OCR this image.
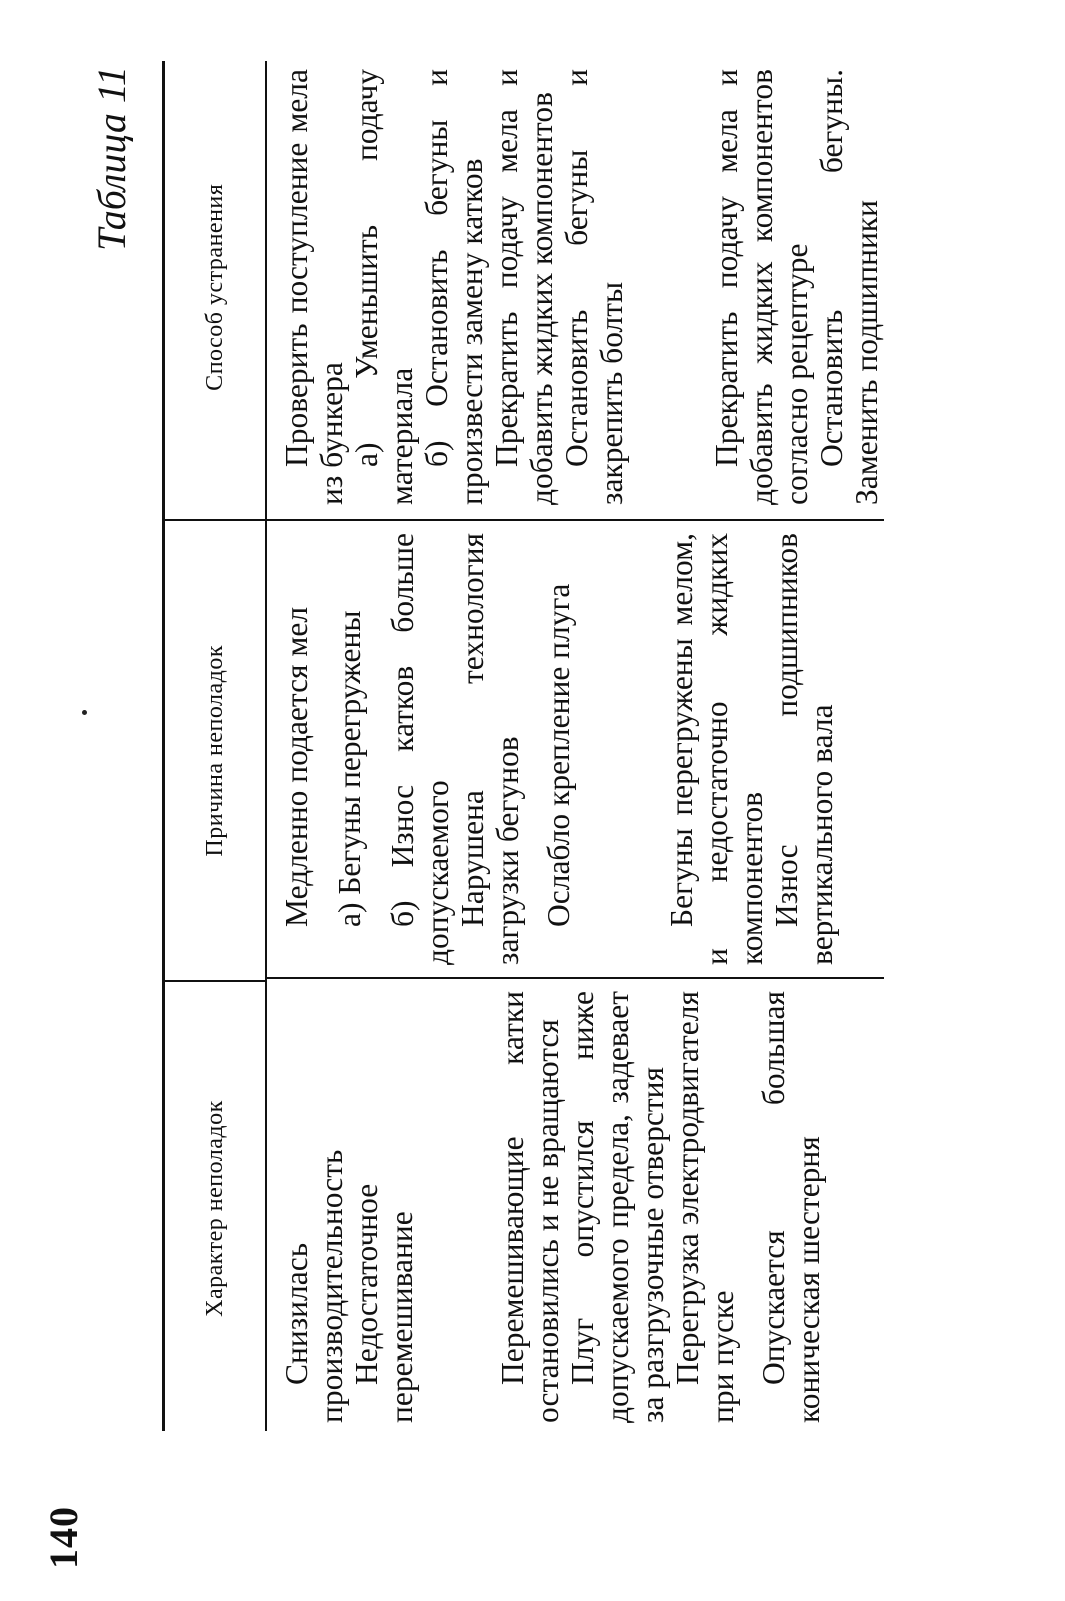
140
Таблица 11
Характер неполадок
Причина неполадок
Способ устранения

Снизилась производительность Недостаточное перемешивание Перемешивающие катки остановились и не вращаются Плуг опустился ниже допускаемого предела, задевает за разгрузочные отверстия Перегрузка электродвигателя при пуске Опускается большая коническая шестерня

Медленно подается мел а) Бегуны перегружены б) Износ катков больше допускаемого Нарушена технология загрузки бегунов Ослабло крепление плуга	Бегуны перегружены мелом, и недостаточно жидких компонентов Износ подшипников вертикального вала

Проверить поступление мела из бункера а) Уменьшить подачу материала б) Остановить бегуны и произвести замену катков Прекратить подачу мела и добавить жидких компонентов Остановить бегуны и закрепить болты	Прекратить подачу мела и добавить жидких компонентов согласно рецептуре Остановить бегуны. Заменить подшипники
